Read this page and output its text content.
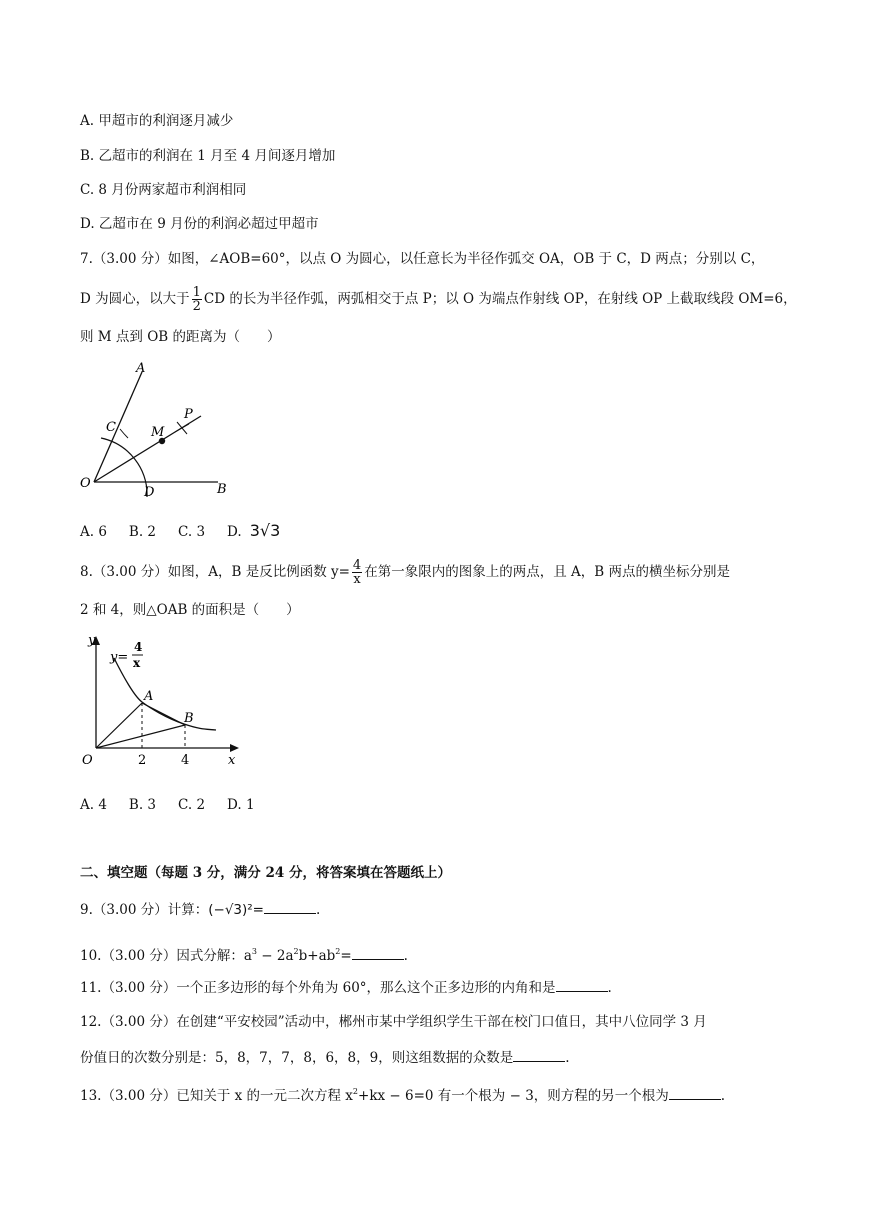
A. 甲超市的利润逐月减少
B. 乙超市的利润在 1 月至 4 月间逐月增加
C. 8 月份两家超市利润相同
D. 乙超市在 9 月份的利润必超过甲超市
7.（3.00 分）如图，∠AOB=60°，以点 O 为圆心，以任意长为半径作弧交 OA，OB 于 C，D 两点；分别以 C，
D 为圆心，以大于 $\frac{1}{2}$ CD 的长为半径作弧，两弧相交于点 P；以 O 为端点作射线 OP，在射线 OP 上截取线段 OM=6，
则 M 点到 OB 的距离为（　　）
A
C	M
P
O
D	B
A. 6 B. 2 C. 3 D. 3√3
8.（3.00 分）如图，A，B 是反比例函数 $y= \frac{4}{x}$ 在第一象限内的图象上的两点，且 A，B 两点的横坐标分别是
2 和 4，则△OAB 的面积是（　　）
y
x
O
y=
4
x
A
B
2	4
A. 4 B. 3 C. 2 D. 1
二、填空题（每题 3 分，满分 24 分，将答案填在答题纸上）
9.（3.00 分）计算：(−√3)²=	.
10.（3.00 分）因式分解：$a^3 - 2a^2b+ab^2=$	.
11.（3.00 分）一个正多边形的每个外角为 60°，那么这个正多边形的内角和是	.
12.（3.00 分）在创建“平安校园”活动中，郴州市某中学组织学生干部在校门口值日，其中八位同学 3 月
份值日的次数分别是：5，8，7，7，8，6，8，9，则这组数据的众数是	.
13.（3.00 分）已知关于 x 的一元二次方程 $x^2+kx - 6=0$ 有一个根为 − 3，则方程的另一个根为	.
